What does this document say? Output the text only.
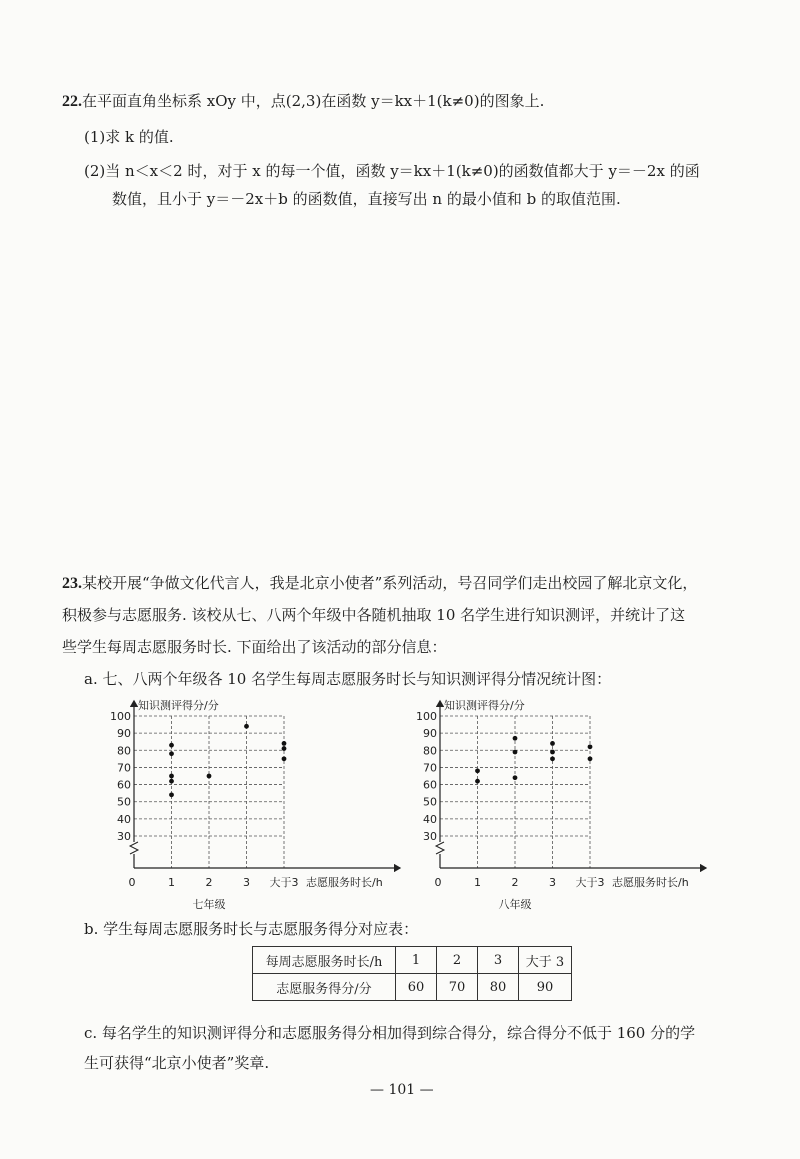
22.在平面直角坐标系 xOy 中，点(2,3)在函数 y＝kx＋1(k≠0)的图象上.
(1)求 k 的值.
(2)当 n＜x＜2 时，对于 x 的每一个值，函数 y＝kx＋1(k≠0)的函数值都大于 y＝－2x 的函
数值，且小于 y＝－2x＋b 的函数值，直接写出 n 的最小值和 b 的取值范围.
23.某校开展“争做文化代言人，我是北京小使者”系列活动，号召同学们走出校园了解北京文化，
积极参与志愿服务. 该校从七、八两个年级中各随机抽取 10 名学生进行知识测评，并统计了这
些学生每周志愿服务时长. 下面给出了该活动的部分信息：
a. 七、八两个年级各 10 名学生每周志愿服务时长与知识测评得分情况统计图：
30
40
50
60
70
80
90
100
0	1	2	3 大于3
知识测评得分/分
志愿服务时长/h
七年级
30
40
50
60
70
80
90
100
0	1	2	3 大于3
知识测评得分/分
志愿服务时长/h
八年级
b. 学生每周志愿服务时长与志愿服务得分对应表：
每周志愿服务时长/h	1	2	3	大于 3
志愿服务得分/分	60	70	80	90
c. 每名学生的知识测评得分和志愿服务得分相加得到综合得分，综合得分不低于 160 分的学
生可获得“北京小使者”奖章.
— 101 —
